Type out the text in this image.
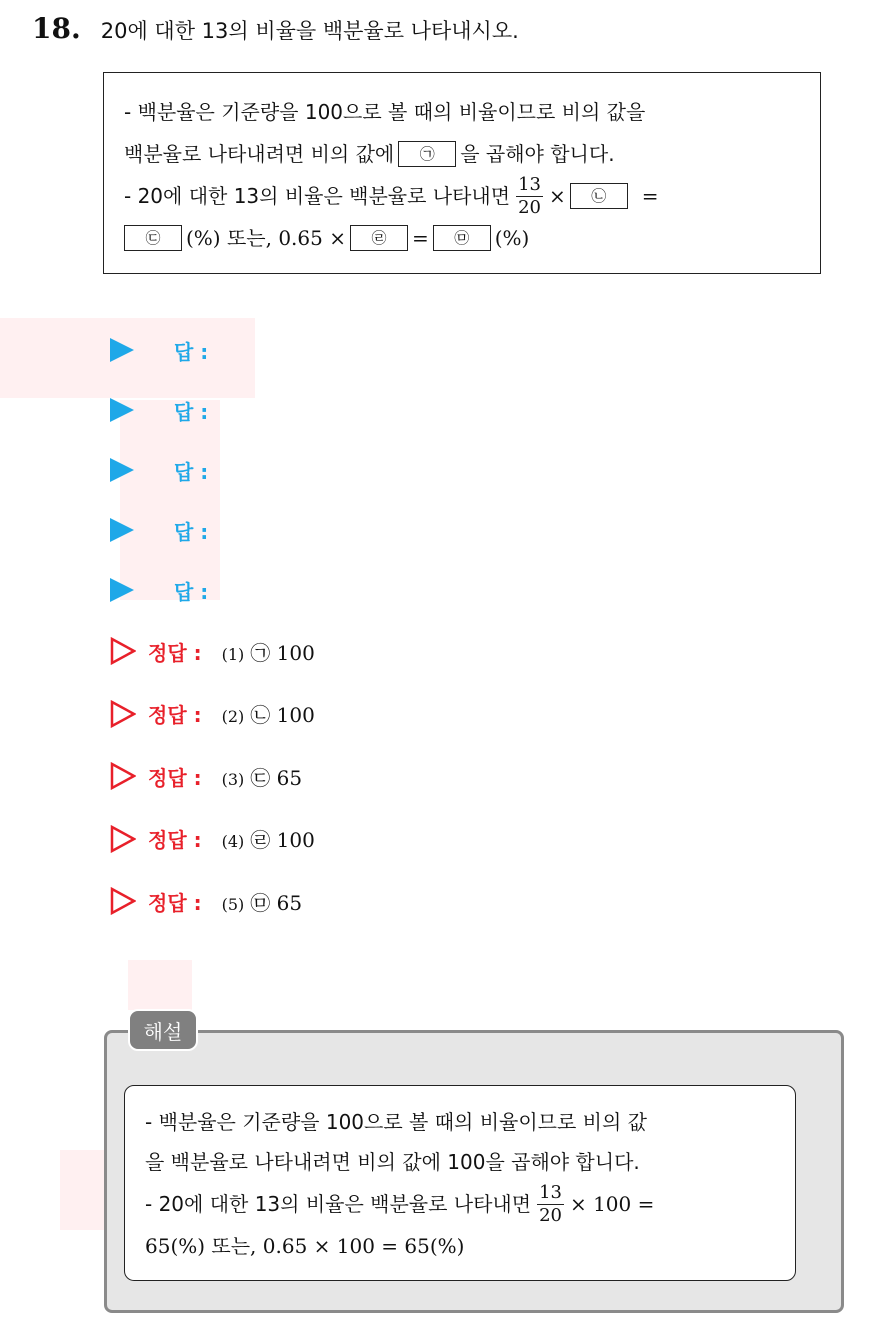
18. 20에 대한 13의 비율을 백분율로 나타내시오.
- 백분율은 기준량을 100으로 볼 때의 비율이므로 비의 값을
백분율로 나타내려면 비의 값에	㉠	을 곱해야 합니다.
- 20에 대한 13의 비율은 백분율로 나타내면 $\frac{13}{20}$ ×	㉡	=
㉢	(%) 또는, 0.65 ×	㉣	=	㉤	(%)
답 :
답 :
답 :
답 :
답 :
정답 : (1) ㉠ 100
정답 : (2) ㉡ 100
정답 : (3) ㉢ 65
정답 : (4) ㉣ 100
정답 : (5) ㉤ 65
해설
- 백분율은 기준량을 100으로 볼 때의 비율이므로 비의 값
을 백분율로 나타내려면 비의 값에 100을 곱해야 합니다.
- 20에 대한 13의 비율은 백분율로 나타내면 $\frac{13}{20} \times 100$ =
65(%) 또는, 0.65 × 100 = 65(%)
